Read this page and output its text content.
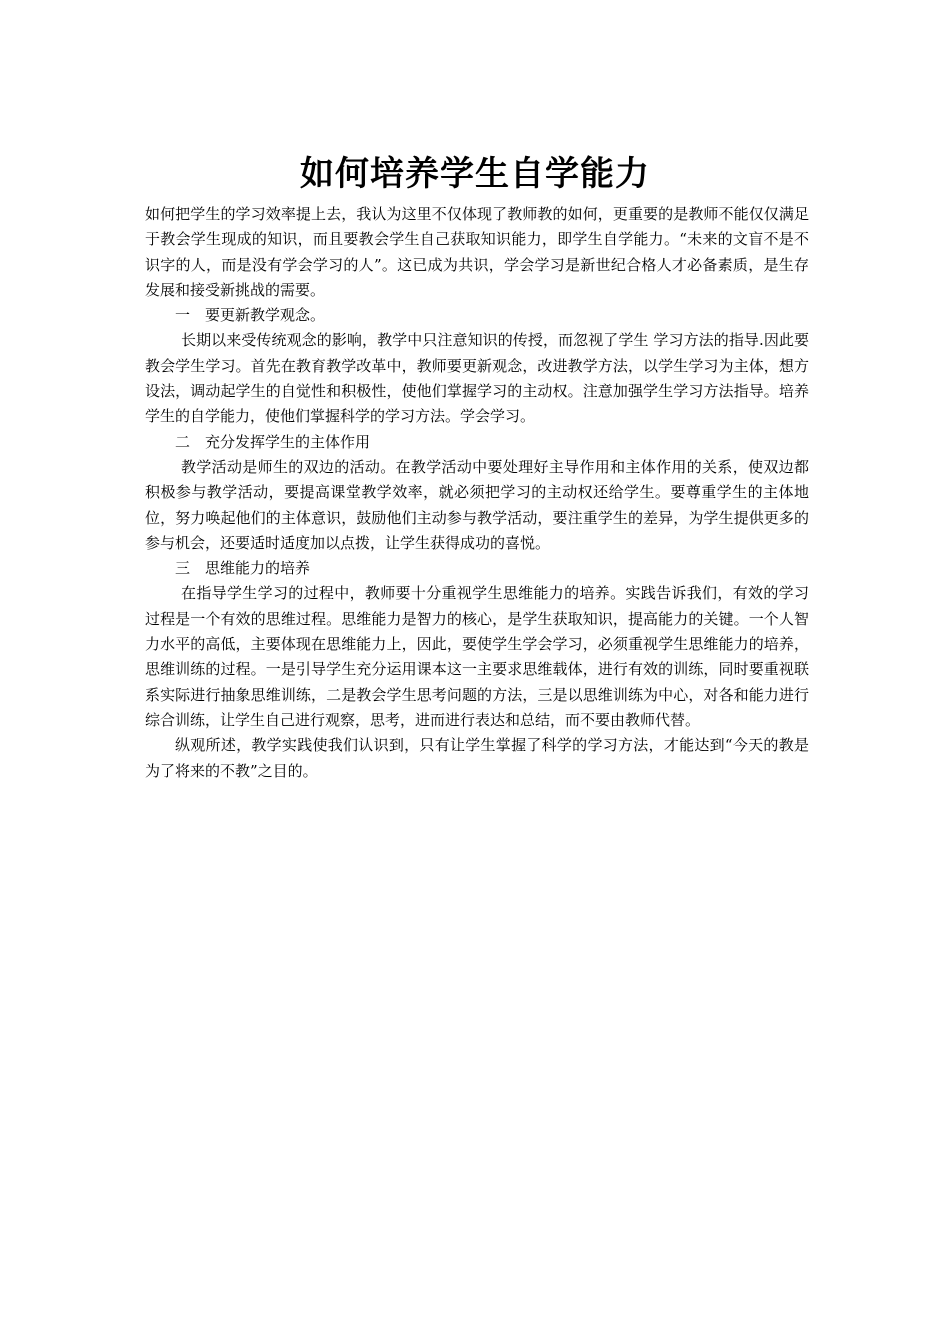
如何培养学生自学能力

如何把学生的学习效率提上去，我认为这里不仅体现了教师教的如何，更重要的是教师不能仅仅满足于教会学生现成的知识，而且要教会学生自己获取知识能力，即学生自学能力。“未来的文盲不是不识字的人，而是没有学会学习的人”。这已成为共识，学会学习是新世纪合格人才必备素质，是生存发展和接受新挑战的需要。

一　要更新教学观念。

长期以来受传统观念的影响，教学中只注意知识的传授，而忽视了学生 学习方法的指导.因此要教会学生学习。首先在教育教学改革中，教师要更新观念，改进教学方法，以学生学习为主体，想方设法，调动起学生的自觉性和积极性，使他们掌握学习的主动权。注意加强学生学习方法指导。培养学生的自学能力，使他们掌握科学的学习方法。学会学习。

二　充分发挥学生的主体作用

教学活动是师生的双边的活动。在教学活动中要处理好主导作用和主体作用的关系，使双边都积极参与教学活动，要提高课堂教学效率，就必须把学习的主动权还给学生。要尊重学生的主体地位，努力唤起他们的主体意识，鼓励他们主动参与教学活动，要注重学生的差异，为学生提供更多的参与机会，还要适时适度加以点拨，让学生获得成功的喜悦。

三　思维能力的培养

在指导学生学习的过程中，教师要十分重视学生思维能力的培养。实践告诉我们，有效的学习过程是一个有效的思维过程。思维能力是智力的核心，是学生获取知识，提高能力的关键。一个人智力水平的高低，主要体现在思维能力上，因此，要使学生学会学习，必须重视学生思维能力的培养，思维训练的过程。一是引导学生充分运用课本这一主要求思维载体，进行有效的训练，同时要重视联系实际进行抽象思维训练，二是教会学生思考问题的方法，三是以思维训练为中心，对各和能力进行综合训练，让学生自己进行观察，思考，进而进行表达和总结，而不要由教师代替。

纵观所述，教学实践使我们认识到，只有让学生掌握了科学的学习方法，才能达到“今天的教是为了将来的不教”之目的。
